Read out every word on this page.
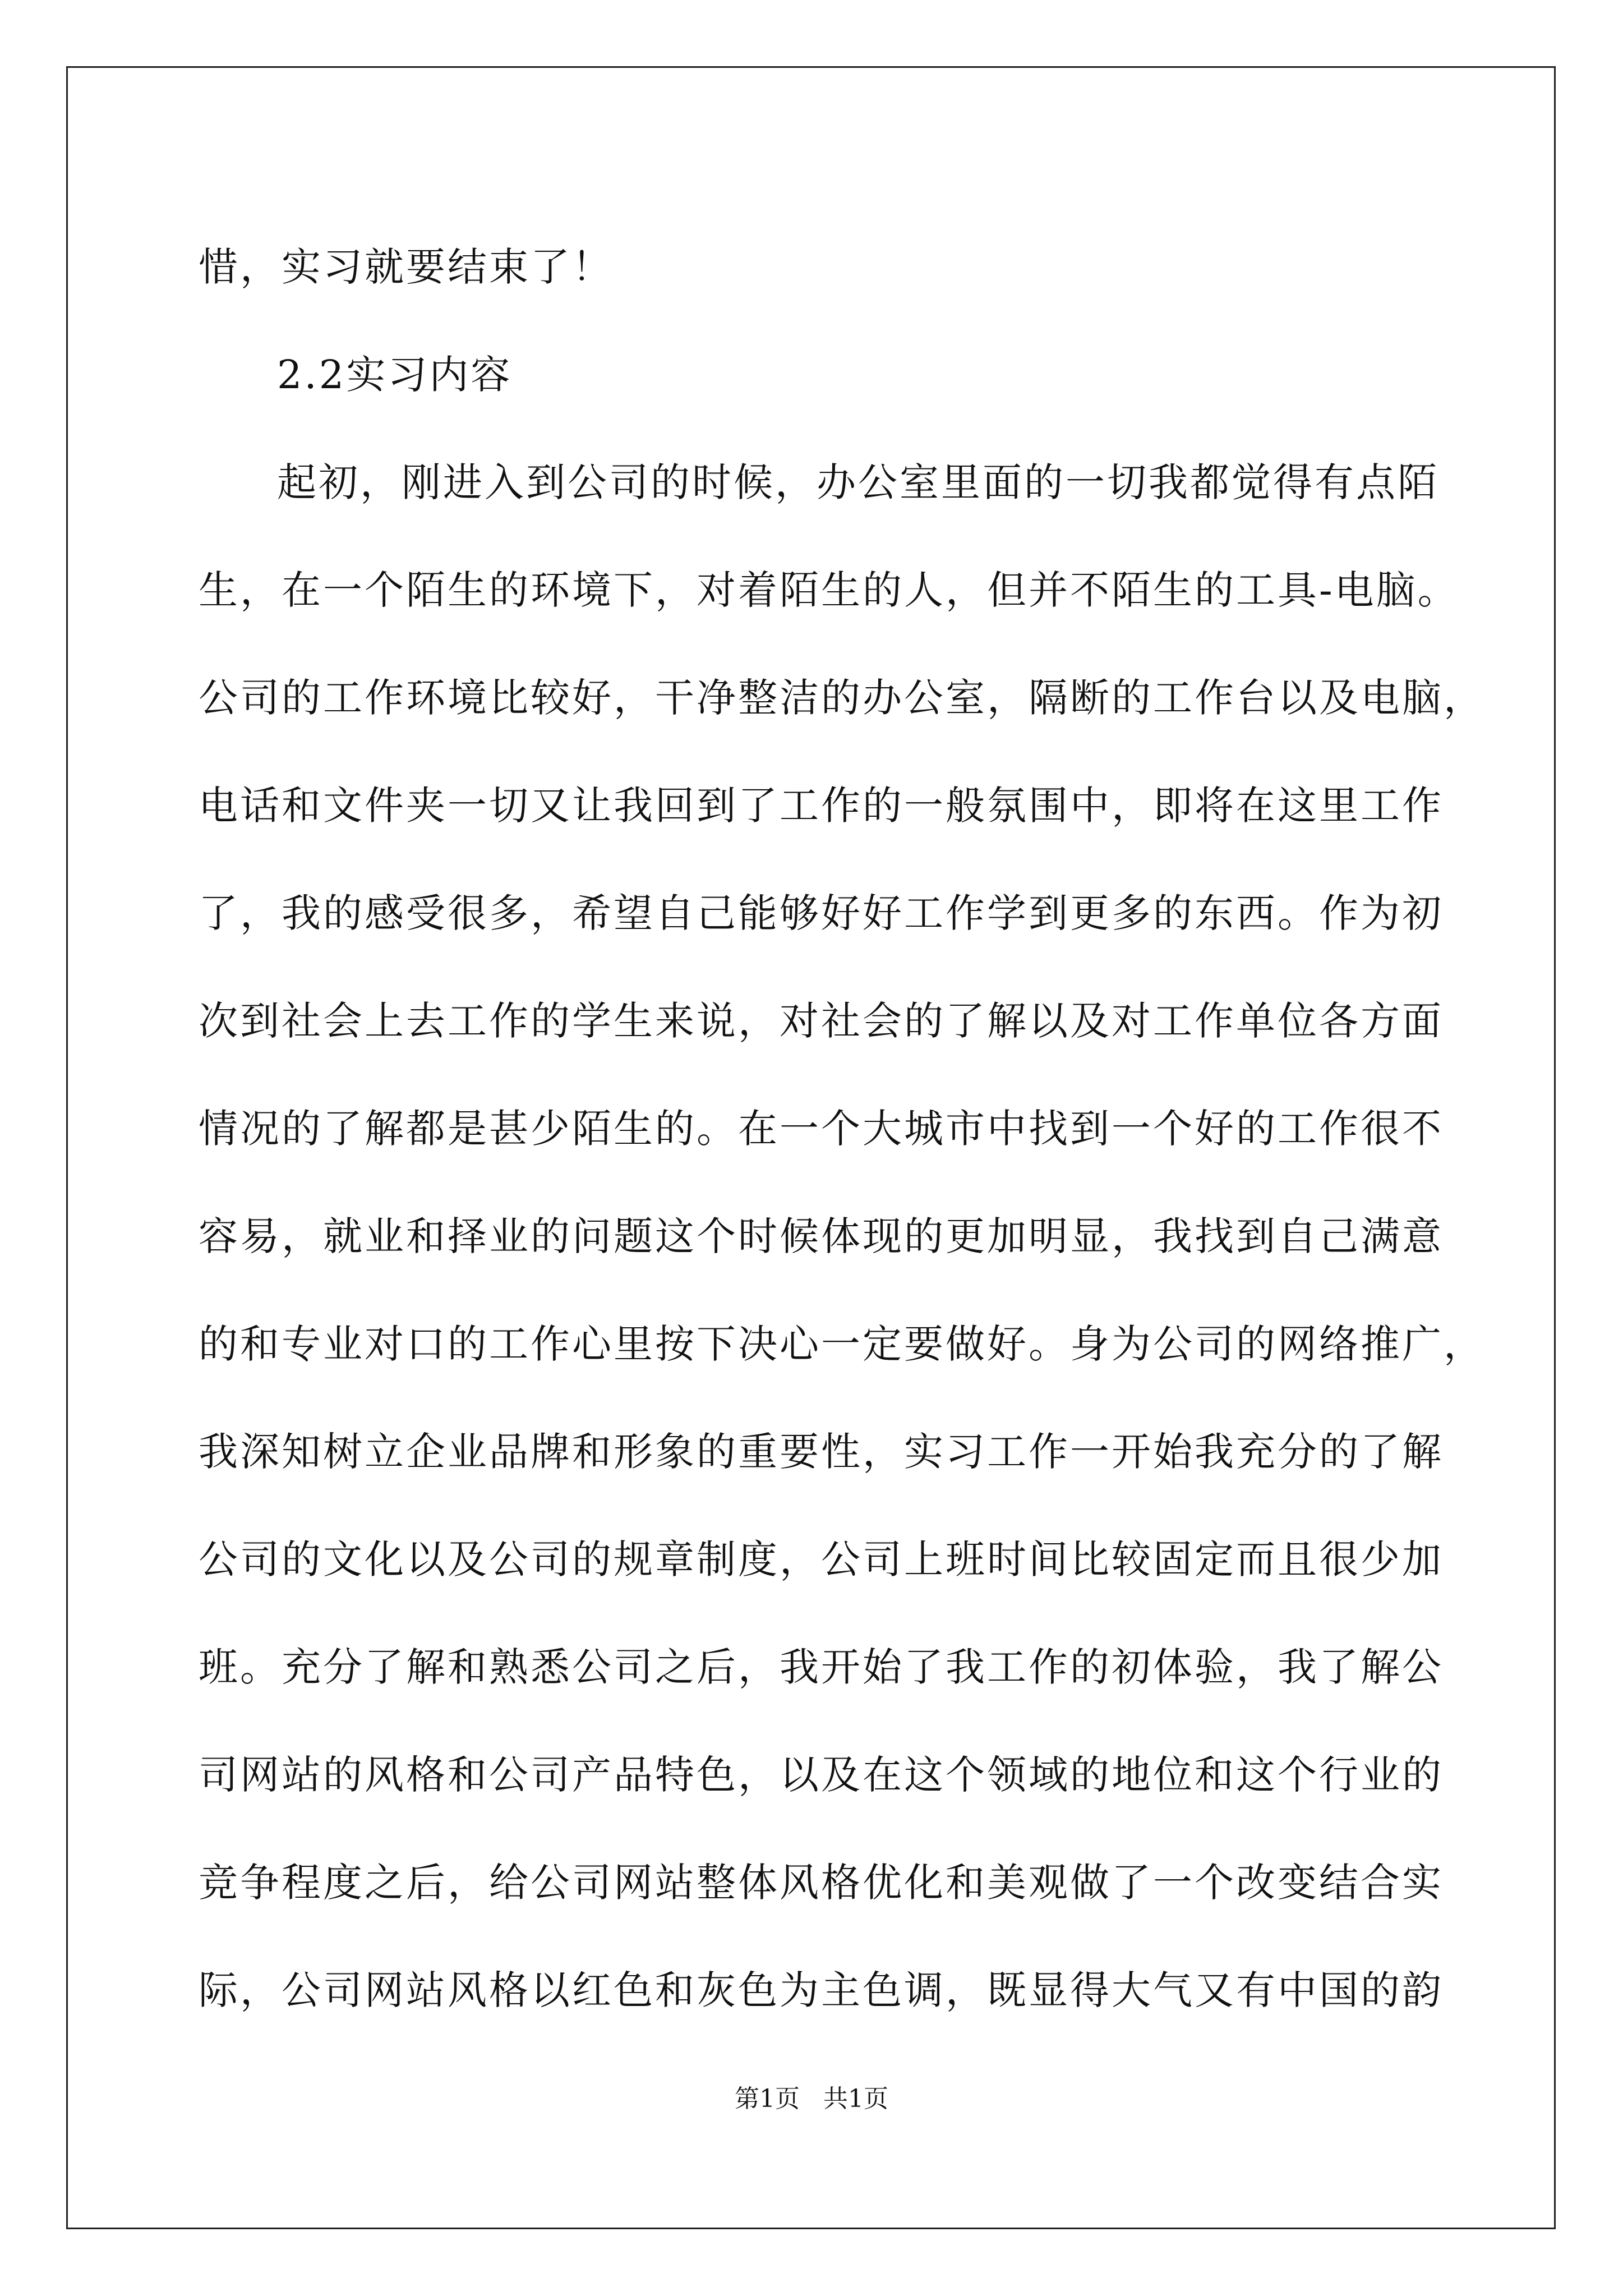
惜，实习就要结束了！
2.2实习内容
起初，刚进入到公司的时候，办公室里面的一切我都觉得有点陌
生，在一个陌生的环境下，对着陌生的人，但并不陌生的工具-电脑。
公司的工作环境比较好，干净整洁的办公室，隔断的工作台以及电脑，
电话和文件夹一切又让我回到了工作的一般氛围中，即将在这里工作
了，我的感受很多，希望自己能够好好工作学到更多的东西。作为初
次到社会上去工作的学生来说，对社会的了解以及对工作单位各方面
情况的了解都是甚少陌生的。在一个大城市中找到一个好的工作很不
容易，就业和择业的问题这个时候体现的更加明显，我找到自己满意
的和专业对口的工作心里按下决心一定要做好。身为公司的网络推广，
我深知树立企业品牌和形象的重要性，实习工作一开始我充分的了解
公司的文化以及公司的规章制度，公司上班时间比较固定而且很少加
班。充分了解和熟悉公司之后，我开始了我工作的初体验，我了解公
司网站的风格和公司产品特色，以及在这个领域的地位和这个行业的
竞争程度之后，给公司网站整体风格优化和美观做了一个改变结合实
际，公司网站风格以红色和灰色为主色调，既显得大气又有中国的韵
第1页   共1页
